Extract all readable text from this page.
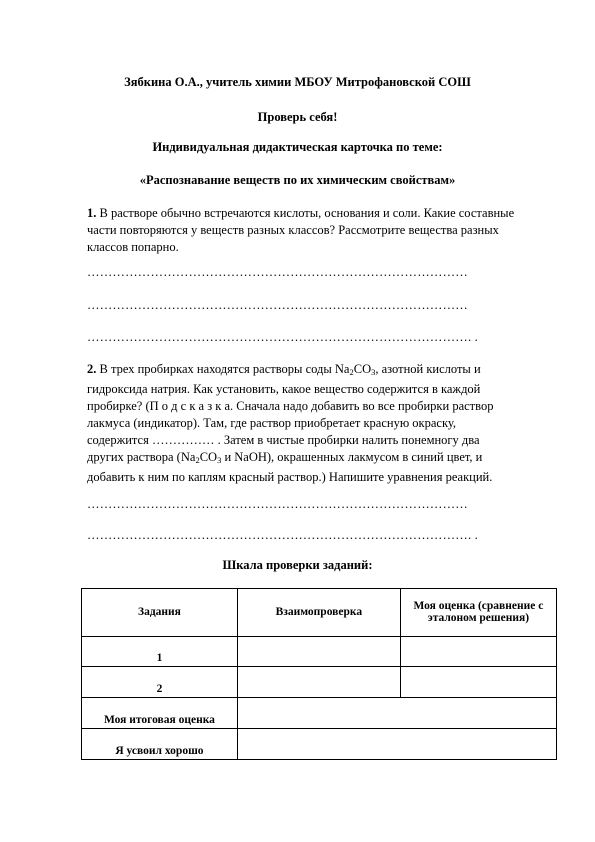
Зябкина О.А., учитель химии МБОУ Митрофановской СОШ
Проверь себя!
Индивидуальная дидактическая карточка по теме:
«Распознавание веществ по их химическим свойствам»
1. В растворе обычно встречаются кислоты, основания и соли. Какие составные части повторяются у веществ разных классов? Рассмотрите вещества разных классов попарно.
………………………………………………………………………………
………………………………………………………………………………
………………………………………………………………………………. .
2. В трех пробирках находятся растворы соды $Na_2CO_3$, азотной кислоты и гидроксида натрия. Как установить, какое вещество содержится в каждой пробирке? (П о д с к а з к а. Сначала надо добавить во все пробирки раствор лакмуса (индикатор). Там, где раствор приобретает красную окраску, содержится …………… . Затем в чистые пробирки налить понемногу два других раствора ($Na_2CO_3$ и NaOH), окрашенных лакмусом в синий цвет, и добавить к ним по каплям красный раствор.) Напишите уравнения реакций.
………………………………………………………………………………
………………………………………………………………………………. .
Шкала проверки заданий:
Задания	Взаимопроверка	Моя оценка (сравнение с эталоном решения)
1		
2		
Моя итоговая оценка		
Я усвоил хорошо		
